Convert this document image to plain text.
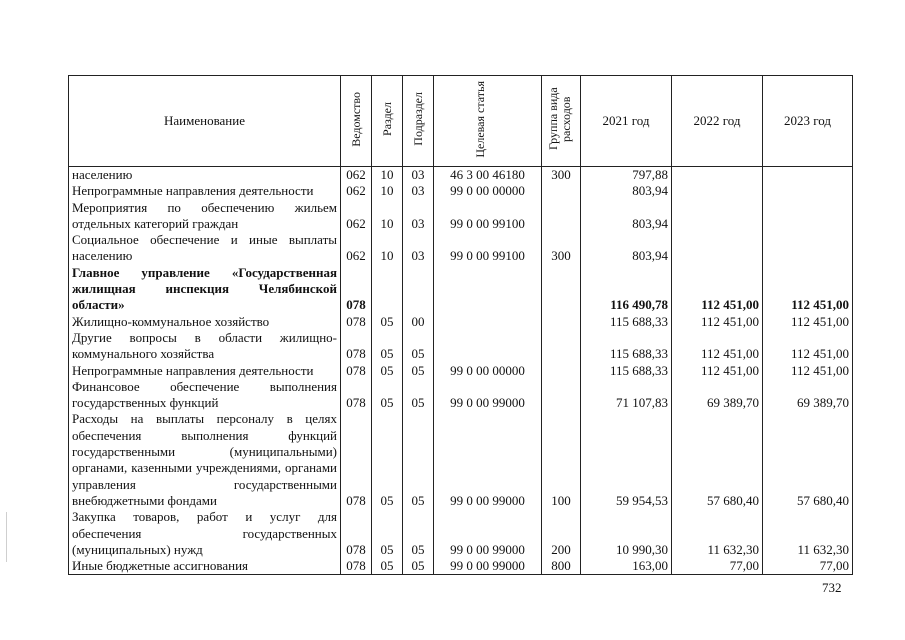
Наименование	Ведомство	Раздел	Подраздел	Целевая статья	Группа вида расходов	2021 год	2022 год	2023 год
населению	062	10	03	46 3 00 46180	300	797,88		
Непрограммные направления деятельности	062	10	03	99 0 00 00000		803,94		
Мероприятия по обеспечению жильем отдельных категорий граждан	062	10	03	99 0 00 99100		803,94		
Социальное обеспечение и иные выплаты населению	062	10	03	99 0 00 99100	300	803,94		
Главное управление «Государственная жилищная инспекция Челябинской области»	078					116 490,78	112 451,00	112 451,00
Жилищно-коммунальное хозяйство	078	05	00			115 688,33	112 451,00	112 451,00
Другие вопросы в области жилищно-коммунального хозяйства	078	05	05			115 688,33	112 451,00	112 451,00
Непрограммные направления деятельности	078	05	05	99 0 00 00000		115 688,33	112 451,00	112 451,00
Финансовое обеспечение выполнения государственных функций	078	05	05	99 0 00 99000		71 107,83	69 389,70	69 389,70
Расходы на выплаты персоналу в целях обеспечения выполнения функций государственными (муниципальными) органами, казенными учреждениями, органами управления государственными внебюджетными фондами	078	05	05	99 0 00 99000	100	59 954,53	57 680,40	57 680,40
Закупка товаров, работ и услуг для обеспечения государственных (муниципальных) нужд	078	05	05	99 0 00 99000	200	10 990,30	11 632,30	11 632,30
Иные бюджетные ассигнования	078	05	05	99 0 00 99000	800	163,00	77,00	77,00
732
